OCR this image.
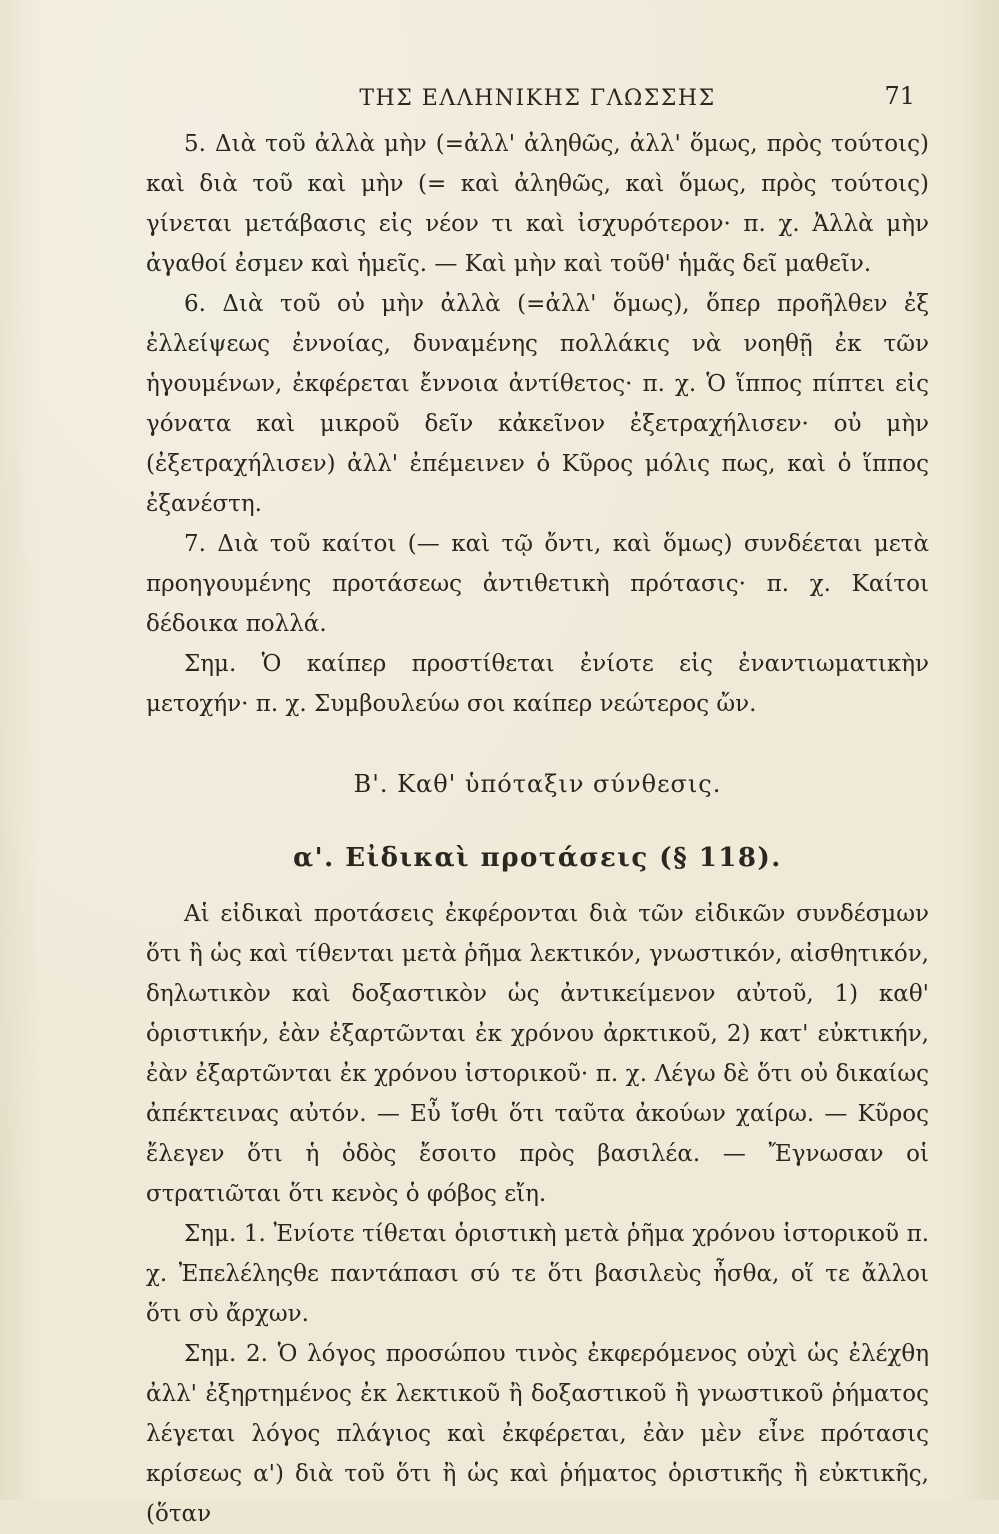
ΤΗΣ ΕΛΛΗΝΙΚΗΣ ΓΛΩΣΣΗΣ	71

5. Διὰ τοῦ ἀλλὰ μὴν (=ἀλλ' ἀληθῶς, ἀλλ' ὅμως, πρὸς τούτοις) καὶ διὰ τοῦ καὶ μὴν (= καὶ ἀληθῶς, καὶ ὅμως, πρὸς τούτοις) γίνεται μετάβασις εἰς νέον τι καὶ ἰσχυρότερον· π. χ. Ἀλλὰ μὴν ἀγαθοί ἐσμεν καὶ ἡμεῖς. — Καὶ μὴν καὶ τοῦθ' ἡμᾶς δεῖ μαθεῖν.

6. Διὰ τοῦ οὐ μὴν ἀλλὰ (=ἀλλ' ὅμως), ὅπερ προῆλθεν ἐξ ἐλλείψεως ἐννοίας, δυναμένης πολλάκις νὰ νοηθῇ ἐκ τῶν ἡγουμένων, ἐκφέρεται ἔννοια ἀντίθετος· π. χ. Ὁ ἵππος πίπτει εἰς γόνατα καὶ μικροῦ δεῖν κἀκεῖνον ἐξετραχήλισεν· οὐ μὴν (ἐξετραχήλισεν) ἀλλ' ἐπέμεινεν ὁ Κῦρος μόλις πως, καὶ ὁ ἵππος ἐξανέστη.

7. Διὰ τοῦ καίτοι (— καὶ τῷ ὄντι, καὶ ὅμως) συνδέεται μετὰ προηγουμένης προτάσεως ἀντιθετικὴ πρότασις· π. χ. Καίτοι δέδοικα πολλά.

Σημ. Ὁ καίπερ προστίθεται ἐνίοτε εἰς ἐναντιωματικὴν μετοχήν· π. χ. Συμβουλεύω σοι καίπερ νεώτερος ὤν.

Β'. Καθ' ὑπόταξιν σύνθεσις.
α'. Εἰδικαὶ προτάσεις (§ 118).

Αἱ εἰδικαὶ προτάσεις ἐκφέρονται διὰ τῶν εἰδικῶν συνδέσμων ὅτι ἢ ὡς καὶ τίθενται μετὰ ῥῆμα λεκτικόν, γνωστικόν, αἰσθητικόν, δηλωτικὸν καὶ δοξαστικὸν ὡς ἀντικείμενον αὐτοῦ, 1) καθ' ὁριστικήν, ἐὰν ἐξαρτῶνται ἐκ χρόνου ἀρκτικοῦ, 2) κατ' εὐκτικήν, ἐὰν ἐξαρτῶνται ἐκ χρόνου ἱστορικοῦ· π. χ. Λέγω δὲ ὅτι οὐ δικαίως ἀπέκτεινας αὐτόν. — Εὖ ἴσθι ὅτι ταῦτα ἀκούων χαίρω. — Κῦρος ἔλεγεν ὅτι ἡ ὁδὸς ἔσοιτο πρὸς βασιλέα. — Ἔγνωσαν οἱ στρατιῶται ὅτι κενὸς ὁ φόβος εἴη.

Σημ. 1. Ἐνίοτε τίθεται ὁριστικὴ μετὰ ῥῆμα χρόνου ἱστορικοῦ π. χ. Ἐπελέληςθε παντάπασι σύ τε ὅτι βασιλεὺς ἦσθα, οἵ τε ἄλλοι ὅτι σὺ ἄρχων.

Σημ. 2. Ὁ λόγος προσώπου τινὸς ἐκφερόμενος οὐχὶ ὡς ἐλέχθη ἀλλ' ἐξηρτημένος ἐκ λεκτικοῦ ἢ δοξαστικοῦ ἢ γνωστικοῦ ῥήματος λέγεται λόγος πλάγιος καὶ ἐκφέρεται, ἐὰν μὲν εἶνε πρότασις κρίσεως α') διὰ τοῦ ὅτι ἢ ὡς καὶ ῥήματος ὁριστικῆς ἢ εὐκτικῆς, (ὅταν
